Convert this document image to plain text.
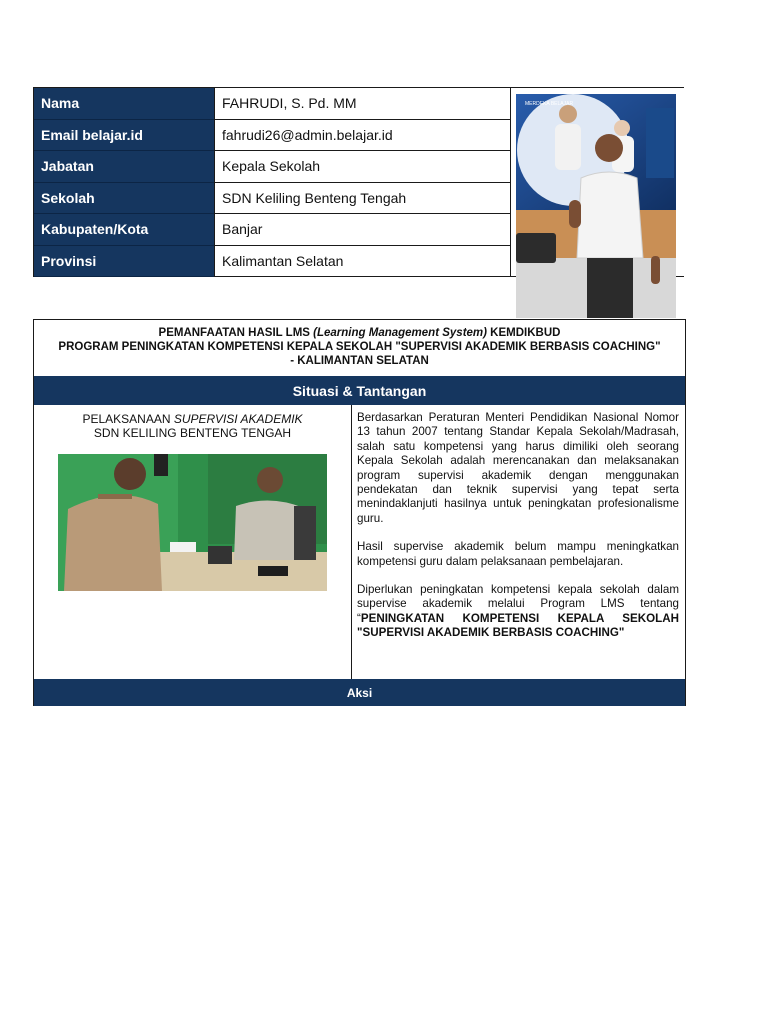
Nama	FAHRUDI, S. Pd. MM
Email belajar.id	fahrudi26@admin.belajar.id
Jabatan	Kepala Sekolah
Sekolah	SDN Keliling Benteng Tengah
Kabupaten/Kota	Banjar
Provinsi	Kalimantan Selatan
MERDEKA BELAJAR
PEMANFAATAN HASIL LMS (Learning Management System) KEMDIKBUD
PROGRAM PENINGKATAN KOMPETENSI KEPALA SEKOLAH "SUPERVISI AKADEMIK BERBASIS COACHING" - KALIMANTAN SELATAN
Situasi & Tantangan
PELAKSANAAN SUPERVISI AKADEMIK
SDN KELILING BENTENG TENGAH

Berdasarkan Peraturan Menteri Pendidikan Nasional Nomor 13 tahun 2007 tentang Standar Kepala Sekolah/Madrasah, salah satu kompetensi yang harus dimiliki oleh seorang Kepala Sekolah adalah merencanakan dan melaksanakan program supervisi akademik dengan menggunakan pendekatan dan teknik supervisi yang tepat serta menindaklanjuti hasilnya untuk peningkatan profesionalisme guru.

Hasil supervise akademik belum mampu meningkatkan kompetensi guru dalam pelaksanaan pembelajaran.

Diperlukan peningkatan kompetensi kepala sekolah dalam supervise akademik melalui Program LMS tentang “PENINGKATAN KOMPETENSI KEPALA SEKOLAH "SUPERVISI AKADEMIK BERBASIS COACHING"

Aksi
